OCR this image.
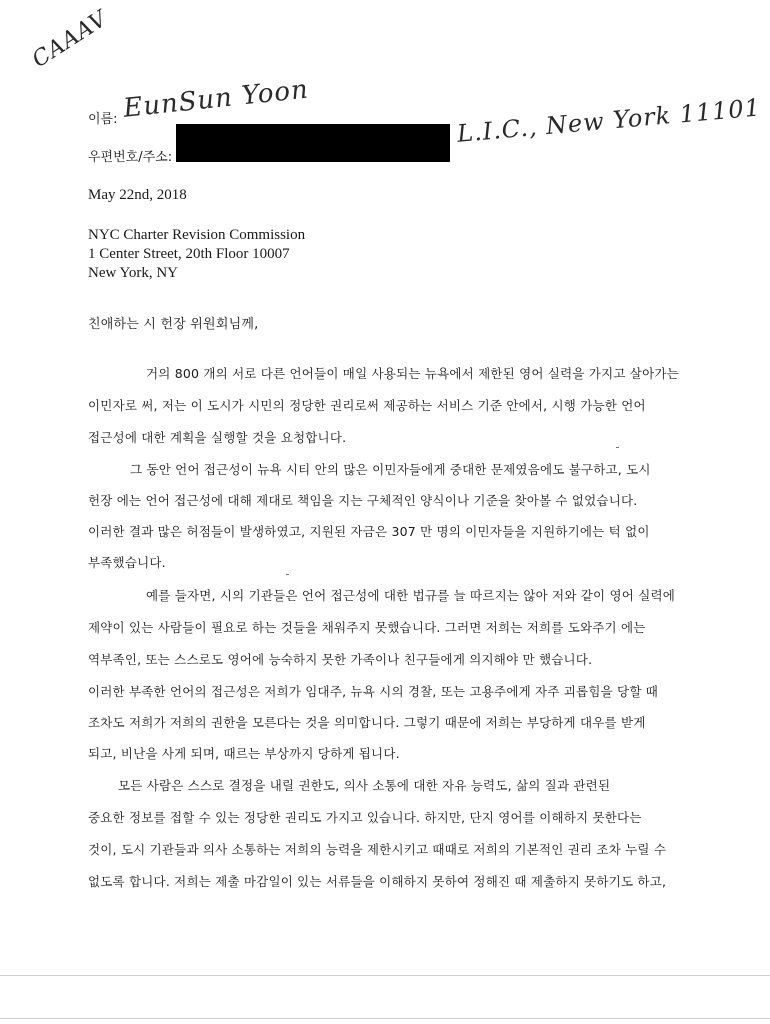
CAAAV
이름: EunSun Yoon
우편번호/주소:
L.I.C., New York 11101
May 22nd, 2018
NYC Charter Revision Commission
1 Center Street, 20th Floor 10007
New York, NY
친애하는 시 헌장 위원회님께,
거의 800 개의 서로 다른 언어들이 매일 사용되는 뉴욕에서 제한된 영어 실력을 가지고 살아가는
이민자로 써, 저는 이 도시가 시민의 정당한 권리로써 제공하는 서비스 기준 안에서, 시행 가능한 언어
접근성에 대한 계획을 실행할 것을 요청합니다.
그 동안 언어 접근성이 뉴욕 시티 안의 많은 이민자들에게 중대한 문제였음에도 불구하고, 도시
헌장 에는 언어 접근성에 대해 제대로 책임을 지는 구체적인 양식이나 기준을 찾아볼 수 없었습니다.
이러한 결과 많은 허점들이 발생하였고, 지원된 자금은 307 만 명의 이민자들을 지원하기에는 턱 없이
부족했습니다.
예를 들자면, 시의 기관들은 언어 접근성에 대한 법규를 늘 따르지는 않아 저와 같이 영어 실력에
제약이 있는 사람들이 필요로 하는 것들을 채워주지 못했습니다. 그러면 저희는 저희를 도와주기 에는
역부족인, 또는 스스로도 영어에 능숙하지 못한 가족이나 친구들에게 의지해야 만 했습니다.
이러한 부족한 언어의 접근성은 저희가 임대주, 뉴욕 시의 경찰, 또는 고용주에게 자주 괴롭힘을 당할 때
조차도 저희가 저희의 권한을 모른다는 것을 의미합니다. 그렇기 때문에 저희는 부당하게 대우를 받게
되고, 비난을 사게 되며, 때르는 부상까지 당하게 됩니다.
모든 사람은 스스로 결정을 내릴 권한도, 의사 소통에 대한 자유 능력도, 삶의 질과 관련된
중요한 정보를 접할 수 있는 정당한 권리도 가지고 있습니다. 하지만, 단지 영어를 이해하지 못한다는
것이, 도시 기관들과 의사 소통하는 저희의 능력을 제한시키고 때때로 저희의 기본적인 권리 조차 누릴 수
없도록 합니다. 저희는 제출 마감일이 있는 서류들을 이해하지 못하여 정해진 때 제출하지 못하기도 하고,
